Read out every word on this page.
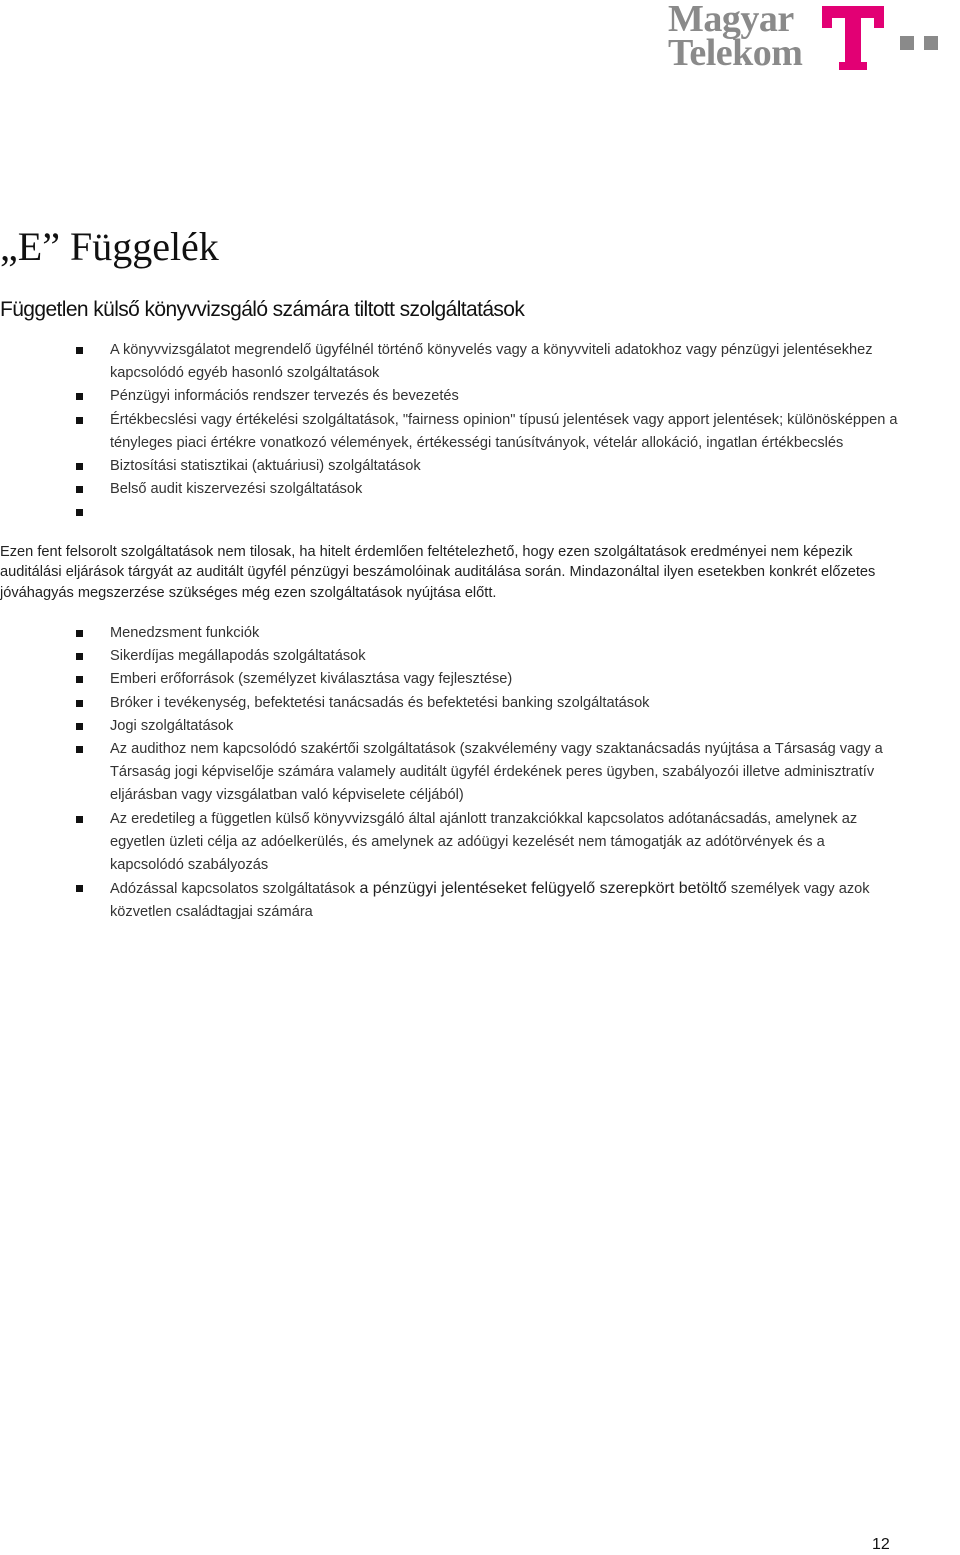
Magyar
Telekom
„E” Függelék
Független külső könyvvizsgáló számára tiltott szolgáltatások
A könyvvizsgálatot megrendelő ügyfélnél történő könyvelés vagy a könyvviteli adatokhoz vagy pénzügyi jelentésekhez kapcsolódó egyéb hasonló szolgáltatások
Pénzügyi információs rendszer tervezés és bevezetés
Értékbecslési vagy értékelési szolgáltatások, "fairness opinion" típusú jelentések vagy apport jelentések; különösképpen a tényleges piaci értékre vonatkozó vélemények, értékességi tanúsítványok, vételár allokáció, ingatlan értékbecslés
Biztosítási statisztikai (aktuáriusi) szolgáltatások
Belső audit kiszervezési szolgáltatások

Ezen fent felsorolt szolgáltatások nem tilosak, ha hitelt érdemlően feltételezhető, hogy ezen szolgáltatások eredményei nem képezik auditálási eljárások tárgyát az auditált ügyfél pénzügyi beszámolóinak auditálása során. Mindazonáltal ilyen esetekben konkrét előzetes jóváhagyás megszerzése szükséges még ezen szolgáltatások nyújtása előtt.

Menedzsment funkciók
Sikerdíjas megállapodás szolgáltatások
Emberi erőforrások (személyzet kiválasztása vagy fejlesztése)
Bróker i tevékenység, befektetési tanácsadás és befektetési banking szolgáltatások
Jogi szolgáltatások
Az audithoz nem kapcsolódó szakértői szolgáltatások (szakvélemény vagy szaktanácsadás nyújtása a Társaság vagy a Társaság jogi képviselője számára valamely auditált ügyfél érdekének peres ügyben, szabályozói illetve adminisztratív eljárásban vagy vizsgálatban való képviselete céljából)
Az eredetileg a független külső könyvvizsgáló által ajánlott tranzakciókkal kapcsolatos adótanácsadás, amelynek az egyetlen üzleti célja az adóelkerülés, és amelynek az adóügyi kezelését nem támogatják az adótörvények és a kapcsolódó szabályozás
Adózással kapcsolatos szolgáltatások a pénzügyi jelentéseket felügyelő szerepkört betöltő személyek vagy azok közvetlen családtagjai számára
12
